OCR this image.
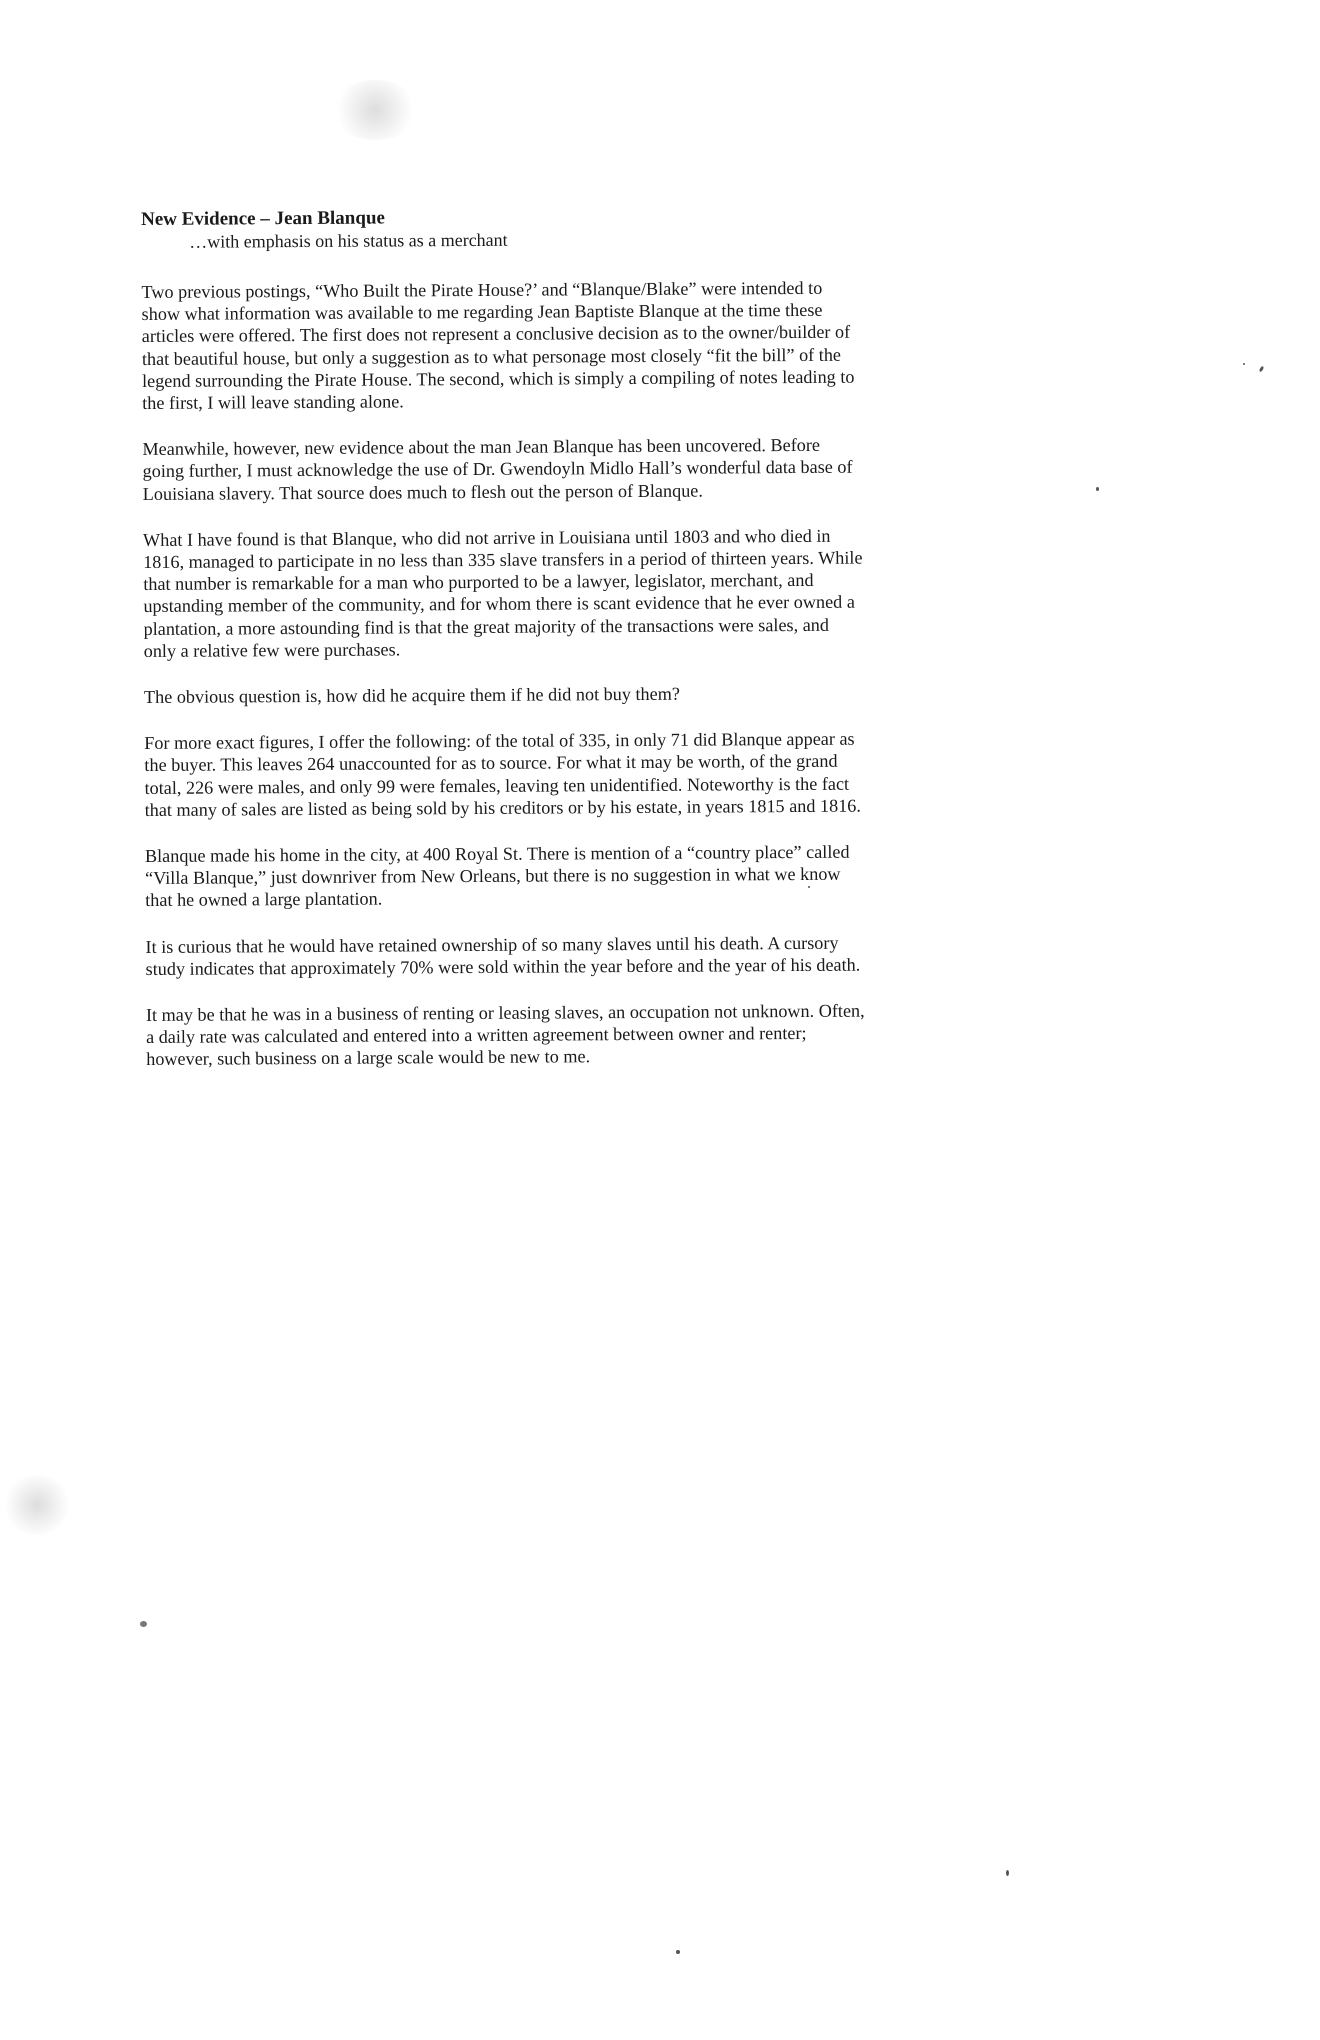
New Evidence – Jean Blanque

…with emphasis on his status as a merchant

Two previous postings, “Who Built the Pirate House?’ and “Blanque/Blake” were intended to show what information was available to me regarding Jean Baptiste Blanque at the time these articles were offered. The first does not represent a conclusive decision as to the owner/builder of that beautiful house, but only a suggestion as to what personage most closely “fit the bill” of the legend surrounding the Pirate House. The second, which is simply a compiling of notes leading to the first, I will leave standing alone.

Meanwhile, however, new evidence about the man Jean Blanque has been uncovered. Before going further, I must acknowledge the use of Dr. Gwendoyln Midlo Hall’s wonderful data base of Louisiana slavery. That source does much to flesh out the person of Blanque.

What I have found is that Blanque, who did not arrive in Louisiana until 1803 and who died in 1816, managed to participate in no less than 335 slave transfers in a period of thirteen years. While that number is remarkable for a man who purported to be a lawyer, legislator, merchant, and upstanding member of the community, and for whom there is scant evidence that he ever owned a plantation, a more astounding find is that the great majority of the transactions were sales, and only a relative few were purchases.

The obvious question is, how did he acquire them if he did not buy them?

For more exact figures, I offer the following: of the total of 335, in only 71 did Blanque appear as the buyer. This leaves 264 unaccounted for as to source. For what it may be worth, of the grand total, 226 were males, and only 99 were females, leaving ten unidentified. Noteworthy is the fact that many of sales are listed as being sold by his creditors or by his estate, in years 1815 and 1816.

Blanque made his home in the city, at 400 Royal St. There is mention of a “country place” called “Villa Blanque,” just downriver from New Orleans, but there is no suggestion in what we know that he owned a large plantation.

It is curious that he would have retained ownership of so many slaves until his death. A cursory study indicates that approximately 70% were sold within the year before and the year of his death.

It may be that he was in a business of renting or leasing slaves, an occupation not unknown. Often, a daily rate was calculated and entered into a written agreement between owner and renter; however, such business on a large scale would be new to me.
